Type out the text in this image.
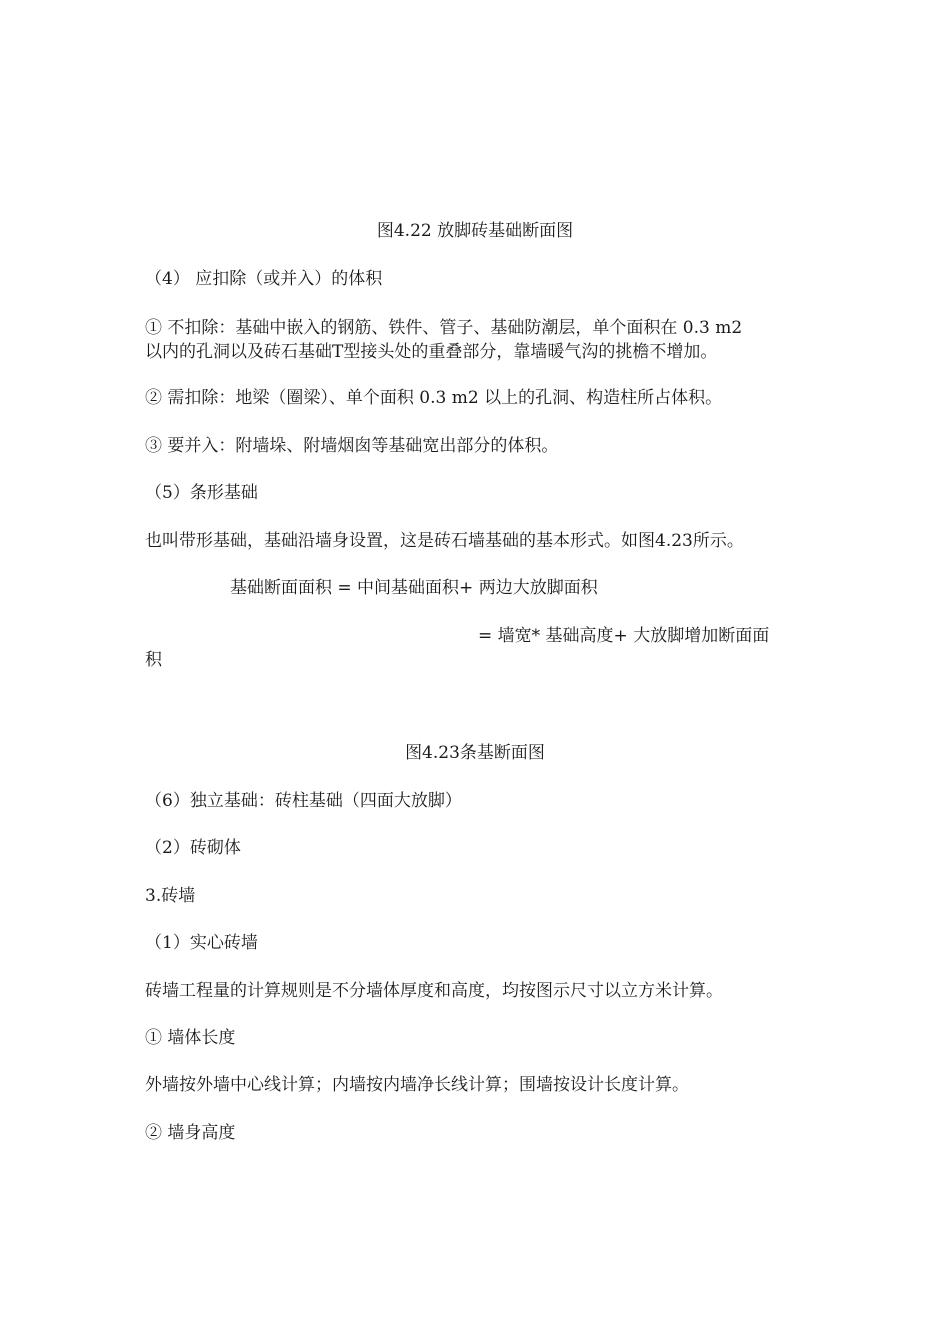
图4.22 放脚砖基础断面图
（4） 应扣除（或并入）的体积
① 不扣除：基础中嵌入的钢筋、铁件、管子、基础防潮层，单个面积在 0.3 m2
以内的孔洞以及砖石基础T型接头处的重叠部分，靠墙暖气沟的挑檐不增加。
② 需扣除：地梁（圈梁）、单个面积 0.3 m2 以上的孔洞、构造柱所占体积。
③ 要并入：附墙垛、附墙烟囱等基础宽出部分的体积。
（5）条形基础
也叫带形基础，基础沿墙身设置，这是砖石墙基础的基本形式。如图4.23所示。
基础断面面积 = 中间基础面积+ 两边大放脚面积
= 墙宽* 基础高度+ 大放脚增加断面面
积
图4.23条基断面图
（6）独立基础：砖柱基础（四面大放脚）
（2）砖砌体
3.砖墙
（1）实心砖墙
砖墙工程量的计算规则是不分墙体厚度和高度，均按图示尺寸以立方米计算。
① 墙体长度
外墙按外墙中心线计算；内墙按内墙净长线计算；围墙按设计长度计算。
② 墙身高度
